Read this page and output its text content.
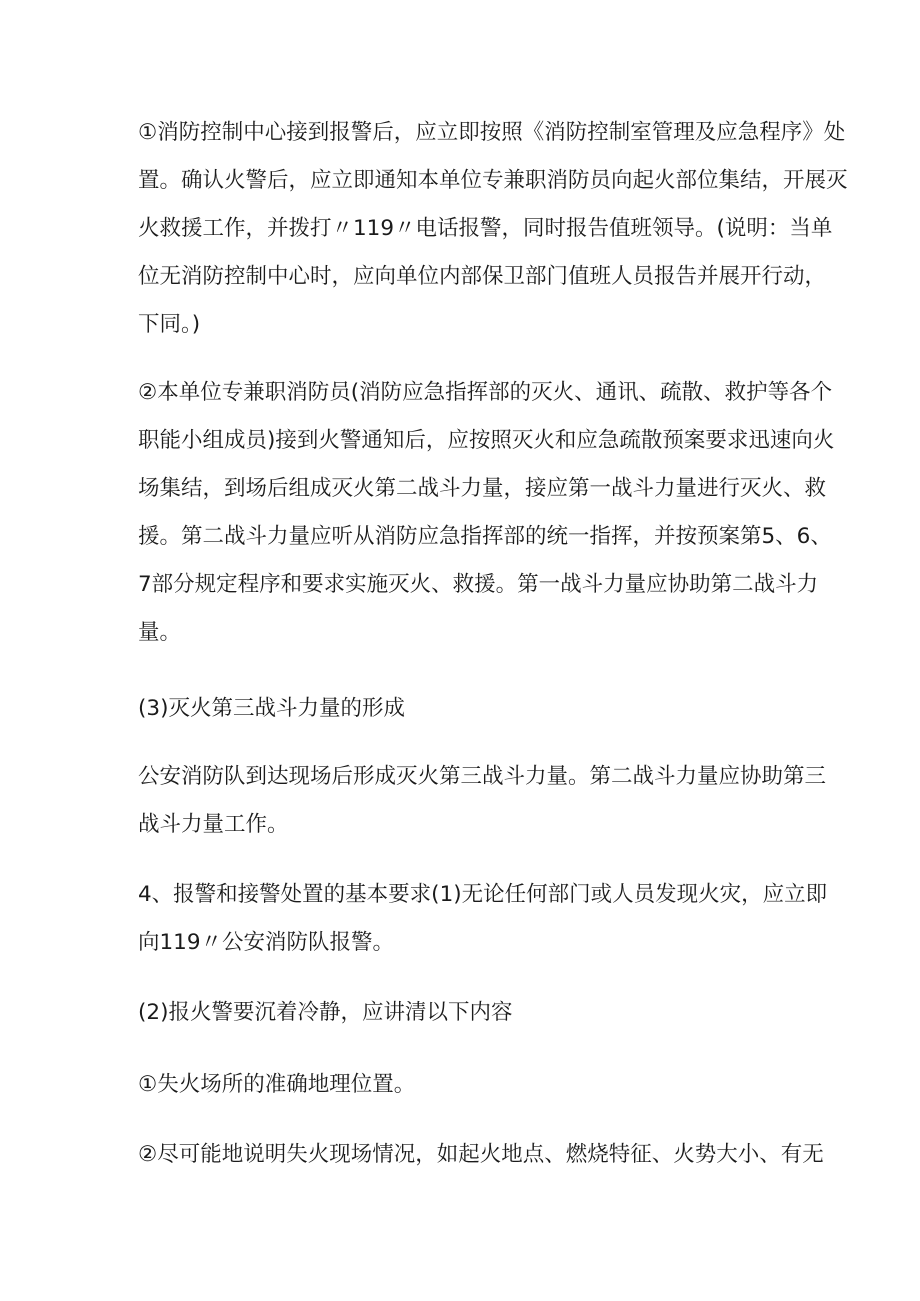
①消防控制中心接到报警后，应立即按照《消防控制室管理及应急程序》处
置。确认火警后，应立即通知本单位专兼职消防员向起火部位集结，开展灭
火救援工作，并拨打〃119〃电话报警，同时报告值班领导。(说明：当单
位无消防控制中心时，应向单位内部保卫部门值班人员报告并展开行动，
下同。)
②本单位专兼职消防员(消防应急指挥部的灭火、通讯、疏散、救护等各个
职能小组成员)接到火警通知后，应按照灭火和应急疏散预案要求迅速向火
场集结，到场后组成灭火第二战斗力量，接应第一战斗力量进行灭火、救
援。第二战斗力量应听从消防应急指挥部的统一指挥，并按预案第5、6、
7部分规定程序和要求实施灭火、救援。第一战斗力量应协助第二战斗力
量。
(3)灭火第三战斗力量的形成
公安消防队到达现场后形成灭火第三战斗力量。第二战斗力量应协助第三
战斗力量工作。
4、报警和接警处置的基本要求(1)无论任何部门或人员发现火灾，应立即
向119〃公安消防队报警。
(2)报火警要沉着冷静，应讲清以下内容
①失火场所的准确地理位置。
②尽可能地说明失火现场情况，如起火地点、燃烧特征、火势大小、有无
